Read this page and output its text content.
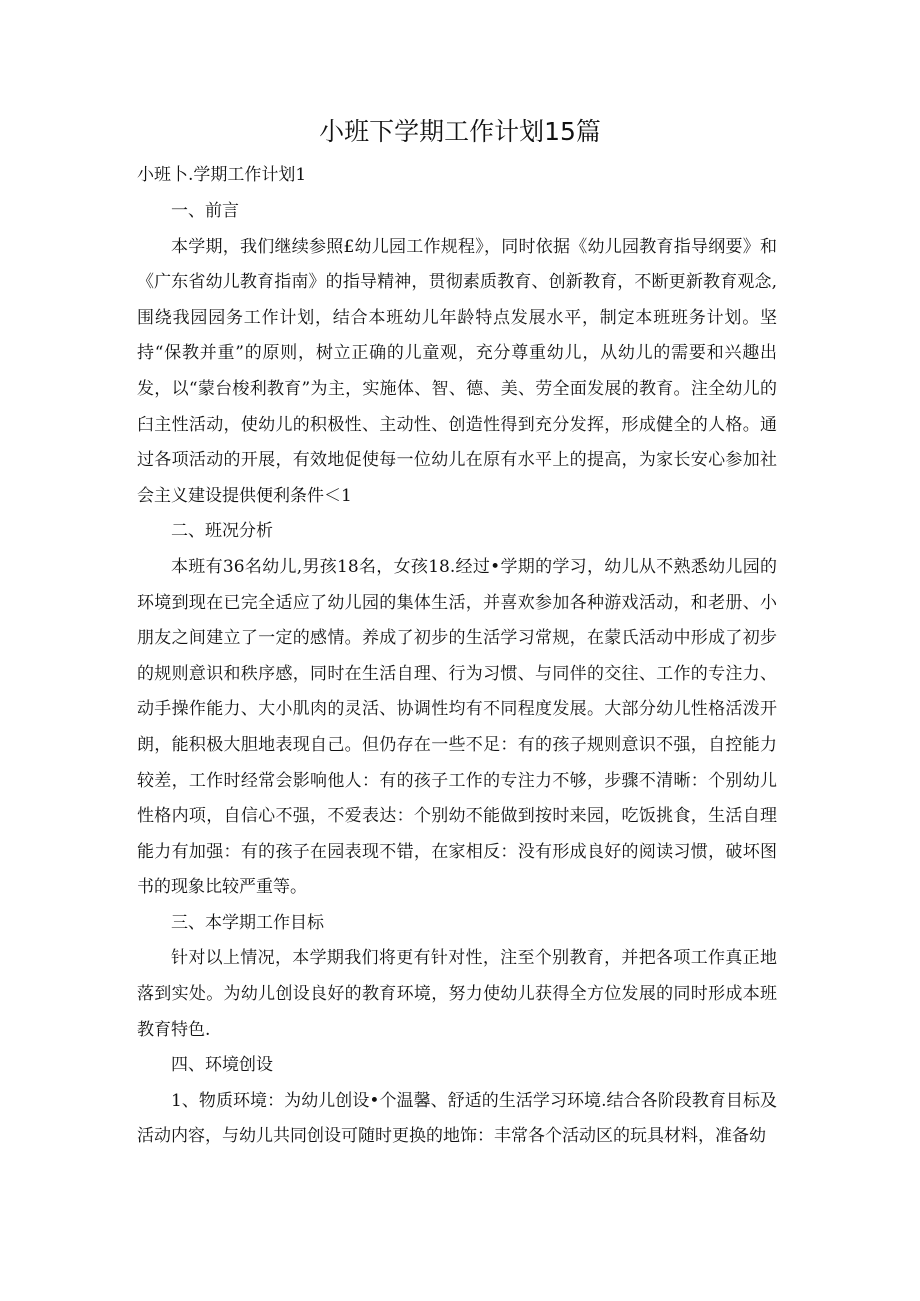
小班下学期工作计划15篇
小班卜.学期工作计划1

一、前言

本学期，我们继续参照£幼儿园工作规程》，同时依据《幼儿园教育指导纲要》和《广东省幼儿教育指南》的指导精神，贯彻素质教育、创新教育，不断更新教育观念,围绕我园园务工作计划，结合本班幼儿年龄特点发展水平，制定本班班务计划。坚持“保教并重”的原则，树立正确的儿童观，充分尊重幼儿，从幼儿的需要和兴趣出发，以“蒙台梭利教育”为主，实施体、智、德、美、劳全面发展的教育。注全幼儿的臼主性活动，使幼儿的积极性、主动性、创造性得到充分发挥，形成健全的人格。通过各项活动的开展，有效地促使每一位幼儿在原有水平上的提高，为家长安心参加社会主义建设提供便利条件＜1

二、班况分析

本班有36名幼儿,男孩18名，女孩18.经过•学期的学习，幼儿从不熟悉幼儿园的环境到现在已完全适应了幼儿园的集体生活，并喜欢参加各种游戏活动，和老册、小朋友之间建立了一定的感情。养成了初步的生活学习常规，在蒙氏活动中形成了初步的规则意识和秩序感，同时在生活自理、行为习惯、与同伴的交往、工作的专注力、动手操作能力、大小肌肉的灵活、协调性均有不同程度发展。大部分幼儿性格活泼开朗，能积极大胆地表现自己。但仍存在一些不足：有的孩子规则意识不强，自控能力较差，工作时经常会影响他人：有的孩子工作的专注力不够，步骤不清晰：个别幼儿性格内项，自信心不强，不爱表达：个别幼不能做到按时来园，吃饭挑食，生活自理能力有加强：有的孩子在园表现不错，在家相反：没有形成良好的阅读习惯，破坏图书的现象比较严重等。

三、本学期工作目标

针对以上情况，本学期我们将更有针对性，注至个别教育，并把各项工作真正地落到实处。为幼儿创设良好的教育环境，努力使幼儿获得全方位发展的同时形成本班教育特色.

四、环境创设

1、物质环境：为幼儿创设•个温馨、舒适的生活学习环境.结合各阶段教育目标及活动内容，与幼儿共同创设可随时更换的地饰：丰常各个活动区的玩具材料，准备幼
